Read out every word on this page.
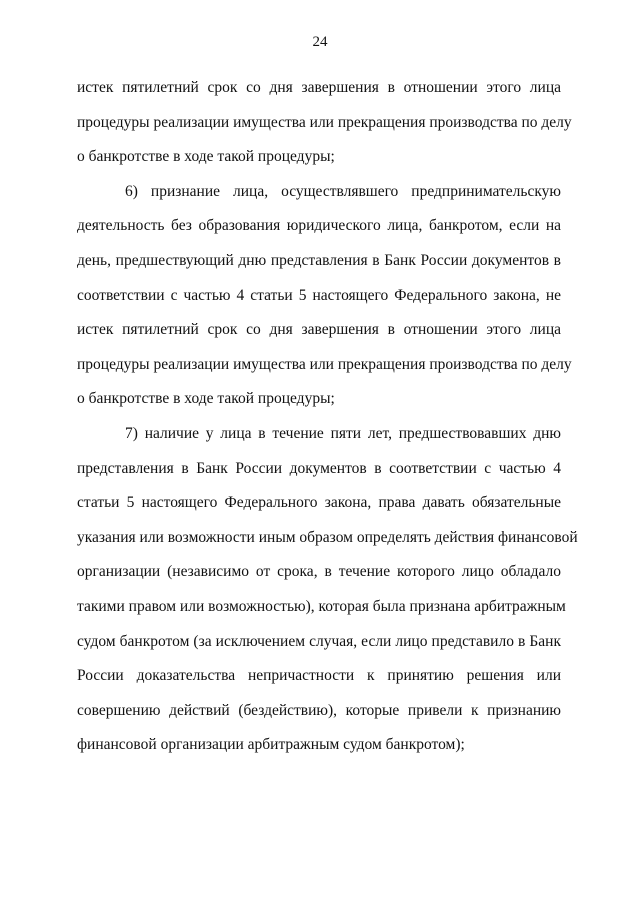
24
истек пятилетний срок со дня завершения в отношении этого лица
процедуры реализации имущества или прекращения производства по делу
о банкротстве в ходе такой процедуры;
6) признание лица, осуществлявшего предпринимательскую
деятельность без образования юридического лица, банкротом, если на
день, предшествующий дню представления в Банк России документов в
соответствии с частью 4 статьи 5 настоящего Федерального закона, не
истек пятилетний срок со дня завершения в отношении этого лица
процедуры реализации имущества или прекращения производства по делу
о банкротстве в ходе такой процедуры;
7) наличие у лица в течение пяти лет, предшествовавших дню
представления в Банк России документов в соответствии с частью 4
статьи 5 настоящего Федерального закона, права давать обязательные
указания или возможности иным образом определять действия финансовой
организации (независимо от срока, в течение которого лицо обладало
такими правом или возможностью), которая была признана арбитражным
судом банкротом (за исключением случая, если лицо представило в Банк
России доказательства непричастности к принятию решения или
совершению действий (бездействию), которые привели к признанию
финансовой организации арбитражным судом банкротом);
